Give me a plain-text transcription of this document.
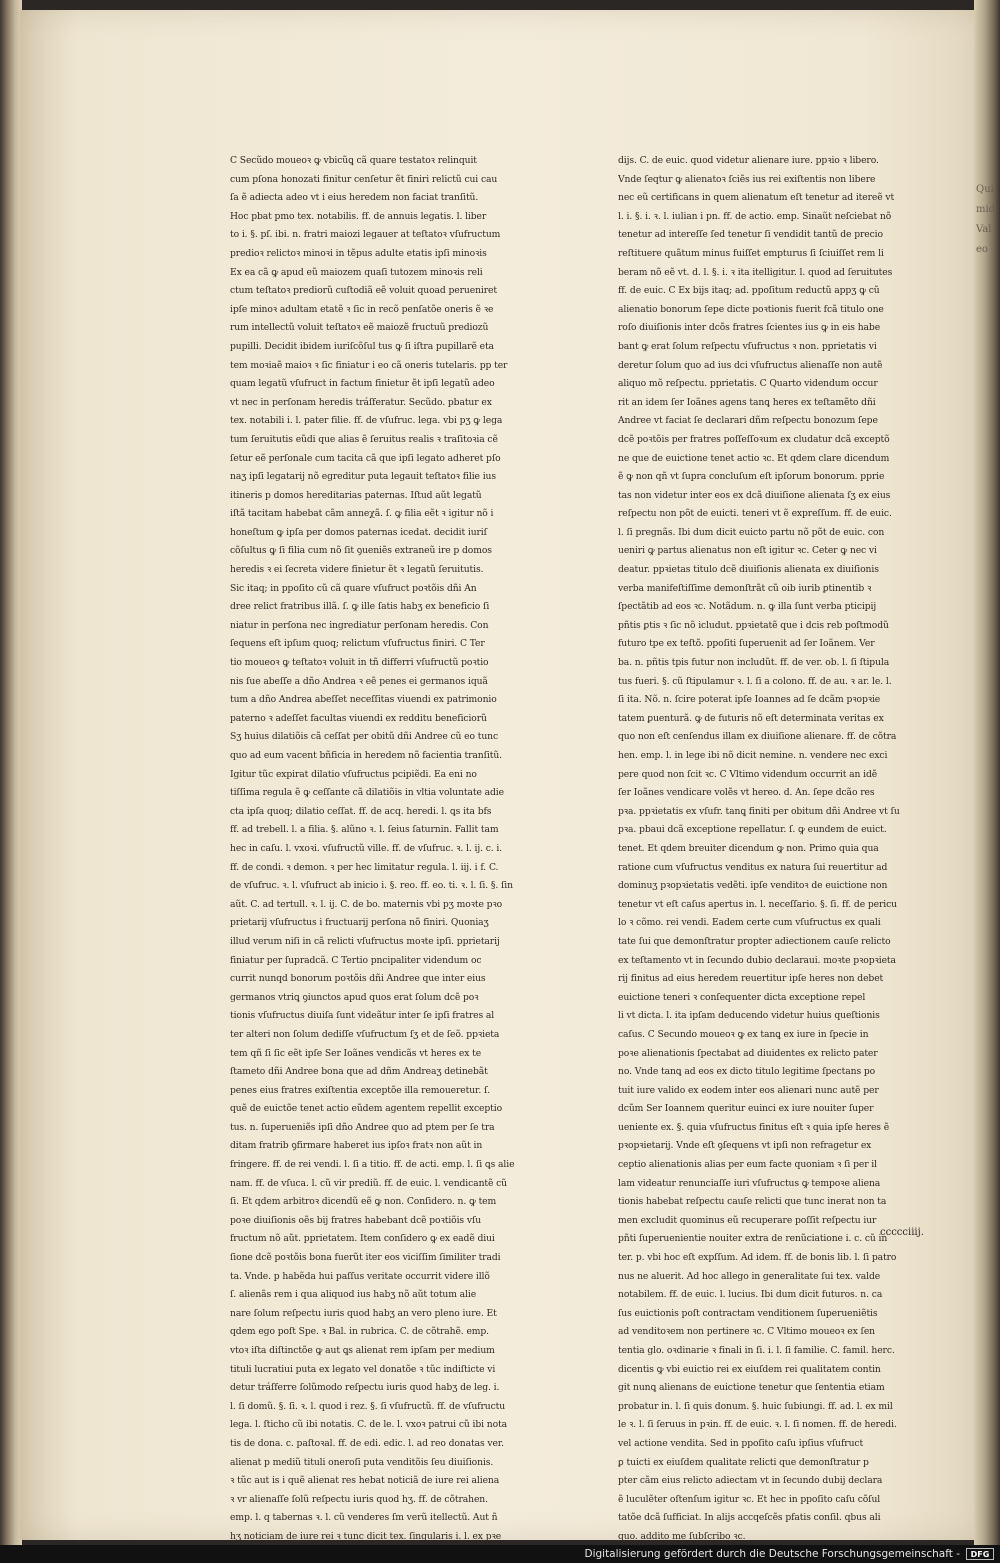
Qui mid Valeo
C Secũdo moueoꝛ ꝙ vbicũꝗ cã quare testatoꝛ relinquit
cum pſona honozati finitur cenſetur ẽt finiri relictũ cui cau
ſa ẽ adiecta adeo vt i eius heredem non faciat tranſitũ.
Hoc pbat pmo tex. notabilis. ff. de annuis legatis. l. liber
to i. §. pſ. ibi. n. fratri maiozi legauer at teſtatoꝛ vſufructum
predioꝛ relictoꝛ minoꝛi in tẽpus adulte etatis ipſi minoꝛis
Ex ea cã ꝙ apud eũ maiozem quaſi tutozem minoꝛis reli
ctum teſtatoꝛ prediorũ cuſtodiã eẽ voluit quoad perueniret
ipſe minoꝛ adultam etatẽ ꝛ ſic in recõ penſatõe oneris ẽ ꝛe
rum intellectũ voluit teſtatoꝛ eẽ maiozẽ fructuũ prediozũ
pupilli. Decidit ibidem iuriſcõſul tus ꝙ ſi iſtra pupillarẽ eta
tem moꝛiaẽ maioꝛ ꝛ ſic finiatur i eo cã oneris tutelaris. pp ter
quam legatũ vſufruct in factum finietur ẽt ipſi legatũ adeo
vt nec in perſonam heredis tráſferatur. Secũdo. pbatur ex
tex. notabili i. l. pater filie. ff. de vſufruc. lega. vbi pʒ ꝙ lega
tum ſeruitutis eũdi que alias ẽ ſeruitus realis ꝛ traſitoꝛia cẽ
ſetur eẽ perſonale cum tacita cã que ipſi legato adheret pſo
naʒ ipſi legatarij nõ egreditur puta legauit teſtatoꝛ filie ius
itineris p domos hereditarias paternas. Iſtud aũt legatũ
iſtã tacitam habebat cãm anneχã. ſ. ꝙ filia eẽt ꝛ igitur nõ i
honeſtum ꝙ ipſa per domos paternas icedat. decidit iuriſ
cõſultus ꝙ ſi filia cum nõ ſit ꝯueniẽs extraneũ ire p domos
heredis ꝛ ei ſecreta videre finietur ẽt ꝛ legatũ ſeruitutis.
Sic itaq; in ppoſito cũ cã quare vſufruct poꝛtõis dñi An
dree relict fratribus illã. ſ. ꝙ ille ſatis habʒ ex beneficio ſi
niatur in perſona nec ingrediatur perſonam heredis. Con
ſequens eſt ipſum quoq; relictum vſufructus finiri. C Ter
tio moueoꝛ ꝙ teſtatoꝛ voluit in tñ differri vſufructũ poꝛtio
nis ſue abeſſe a dño Andrea ꝛ eẽ penes ei germanos iquã
tum a dño Andrea abeſſet neceſſitas viuendi ex patrimonio
paterno ꝛ adeſſet facultas viuendi ex redditu beneficiorũ
Sʒ huius dilatiõis cã ceſſat per obitũ dñi Andree cũ eo tunc
quo ad eum vacent bñficia in heredem nõ facientia tranſitũ.
Igitur tũc expirat dilatio vſufructus pcipiẽdi. Ea eni no
tiſſima regula ẽ ꝙ ceſſante cã dilatiõis in vltia voluntate adie
cta ipſa quoq; dilatio ceſſat. ff. de acq. heredi. l. ꝗs ita bfs
ff. ad trebell. l. a filia. §. alũno ꝛ. l. ſeius ſaturnin. Fallit tam
hec in caſu. l. vxoꝛi. vſufructũ ville. ff. de vſufruc. ꝛ. l. ij. c. i.
ff. de condi. ꝛ demon. ꝛ per hec limitatur regula. l. iij. i f. C.
de vſufruc. ꝛ. l. vſufruct ab inicio i. §. reo. ff. eo. ti. ꝛ. l. ſi. §. ſin
aũt. C. ad tertull. ꝛ. l. ij. C. de bo. maternis vbi pʒ moꝛte pꝛo
prietarij vſufructus i fructuarij perſona nõ finiri. Quoniaʒ
illud verum niſi in cã relicti vſufructus moꝛte ipſi. pprietarij
finiatur per ſupradcã. C Tertio pncipaliter videndum oc
currit nunqd bonorum poꝛtõis dñi Andree que inter eius
germanos vtriꝗ ꝯiunctos apud quos erat ſolum dcẽ poꝛ
tionis vſufructus diuiſa ſunt videãtur inter ſe ipſi fratres al
ter alteri non ſolum dediſſe vſufructum ſʒ et de ſeõ. ppꝛieta
tem qñ ſi ſic eẽt ipſe Ser Ioãnes vendicãs vt heres ex te
ſtameto dñi Andree bona que ad dñm Andreaʒ detinebãt
penes eius fratres exiſtentia exceptõe illa remoueretur. ſ.
quẽ de euictõe tenet actio eũdem agentem repellit exceptio
tus. n. ſuperueniẽs ipſi dño Andree quo ad ptem per ſe tra
ditam fratrib ꝯfirmare haberet ius ipſoꝛ fratꝛ non aũt in
fringere. ff. de rei vendi. l. ſi a titio. ff. de acti. emp. l. ſi ꝗs alie
nam. ff. de vſuca. l. cũ vir prediũ. ff. de euic. l. vendicantẽ cũ
ſi. Et qdem arbitroꝛ dicendũ eẽ ꝙ non. Conſidero. n. ꝙ tem
poꝛe diuiſionis oẽs bij fratres habebant dcẽ poꝛtiõis vſu
fructum nõ aũt. pprietatem. Item conſidero ꝙ ex eadẽ diui
ſione dcẽ poꝛtõis bona fuerũt iter eos viciſſim ſimiliter tradi
ta. Vnde. p habẽda hui paſſus veritate occurrit videre illõ
ſ. alienãs rem i qua aliquod ius habʒ nõ aũt totum alie
nare ſolum reſpectu iuris quod habʒ an vero pleno iure. Et
qdem ego poſt Spe. ꝛ Bal. in rubrica. C. de cõtrahẽ. emp.
vtoꝛ iſta diſtinctõe ꝙ aut ꝗs alienat rem ipſam per medium
tituli lucratiui puta ex legato vel donatõe ꝛ tũc indiſticte vi
detur tráſferre ſolũmodo reſpectu iuris quod habʒ de leg. i.
l. ſi domũ. §. ſi. ꝛ. l. quod i rez. §. ſi vſufructũ. ff. de vſufructu
lega. l. ſticho cũ ibi notatis. C. de le. l. vxoꝛ patrui cũ ibi nota
tis de dona. c. paſtoꝛal. ff. de edi. edic. l. ad reo donatas ver.
alienat p mediũ tituli oneroſi puta venditõis ſeu diuiſionis.
ꝛ tũc aut is i quẽ alienat res hebat noticiã de iure rei aliena
ꝛ vr alienaſſe ſolũ reſpectu iuris quod hʒ. ff. de cõtrahen.
emp. l. q tabernas ꝛ. l. cũ venderes ſm verũ itellectũ. Aut ñ
hʒ noticiam de iure rei ꝛ tunc dicit tex. ſingularis i. l. ex pꝛe
dijs. C. de euic. quod videtur alienare iure. ppꝛio ꝛ libero.
Vnde ſeqtur ꝙ alienatoꝛ ſciẽs ius rei exiſtentis non libere
nec eũ certificans in quem alienatum eſt tenetur ad itereẽ vt
l. i. §. i. ꝛ. l. iulian i pn. ff. de actio. emp. Sinaũt neſciebat nõ
tenetur ad intereſſe ſed tenetur ſi vendidit tantũ de precio
reſtituere quãtum minus fuiſſet empturus ſi ſciuiſſet rem li
beram nõ eẽ vt. d. l. §. i. ꝛ ita itelligitur. l. quod ad ſeruitutes
ff. de euic. C Ex bijs itaq; ad. ppoſitum reductũ appʒ ꝙ cũ
alienatio bonorum ſepe dicte poꝛtionis fuerit fcã titulo one
roſo diuiſionis inter dcõs fratres ſcientes ius ꝙ in eis habe
bant ꝙ erat ſolum reſpectu vſufructus ꝛ non. pprietatis vi
deretur ſolum quo ad ius dci vſufructus alienaſſe non autẽ
aliquo mõ reſpectu. pprietatis. C Quarto videndum occur
rit an idem ſer Ioãnes agens tanꝗ heres ex teſtamẽto dñi
Andree vt faciat ſe declarari dñm reſpectu bonozum ſepe
dcẽ poꝛtõis per fratres poſſeſſoꝛum ex cludatur dcã exceptõ
ne que de euictione tenet actio ꝛc. Et qdem clare dicendum
ẽ ꝙ non qñ vt ſupra concluſum eſt ipſorum bonorum. pprie
tas non videtur inter eos ex dcã diuiſione alienata ſʒ ex eius
reſpectu non põt de euicti. teneri vt ẽ expreſſum. ff. de euic.
l. ſi pregnãs. Ibi dum dicit euicto partu nõ põt de euic. con
ueniri ꝙ partus alienatus non eſt igitur ꝛc. Ceter ꝙ nec vi
deatur. ppꝛietas titulo dcẽ diuiſionis alienata ex diuiſionis
verba manifeſtiſſime demonſtrãt cũ oib iurib ꝑtinentib ꝛ
ſpectãtib ad eos ꝛc. Notãdum. n. ꝙ illa ſunt verba pticipij
pñtis ꝑtis ꝛ ſic nõ icludut. ppꝛietatẽ que i dcis reb poſtmodũ
futuro tpe ex teſtõ. ppoſiti ſuperuenit ad ſer Ioãnem. Ver
ba. n. pñtis tpis futur non includũt. ff. de ver. ob. l. ſi ſtipula
tus fueri. §. cũ ſtipulamur ꝛ. l. ſi a colono. ff. de au. ꝛ ar. le. l.
ſi ita. Nõ. n. ſcire poterat ipſe Ioannes ad ſe dcãm pꝛopꝛie
tatem ꝑuenturã. ꝙ de futuris nõ eſt determinata veritas ex
quo non eſt cenſendus illam ex diuiſione alienare. ff. de cõtra
hen. emp. l. in lege ibi nõ dicit nemine. n. vendere nec exci
pere quod non ſcit ꝛc. C Vltimo videndum occurrit an idẽ
ſer Ioãnes vendicare volẽs vt hereo. d. An. ſepe dcão res
pꝛa. ppꝛietatis ex vſufr. tanꝗ finiti per obitum dñi Andree vt ſu
pꝛa. pbaui dcã exceptione repellatur. ſ. ꝙ eundem de euict.
tenet. Et qdem breuiter dicendum ꝙ non. Primo quia qua
ratione cum vſufructus venditus ex natura ſui reuertitur ad
dominuʒ pꝛopꝛietatis vedẽti. ipſe venditoꝛ de euictione non
tenetur vt eſt caſus apertus in. l. neceſſario. §. ſi. ff. de pericu
lo ꝛ cõmo. rei vendi. Eadem certe cum vſufructus ex quali
tate ſui que demonſtratur propter adiectionem cauſe relicto
ex teſtamento vt in ſecundo dubio declaraui. moꝛte pꝛopꝛieta
rij finitus ad eius heredem reuertitur ipſe heres non debet
euictione teneri ꝛ conſequenter dicta exceptione repel
li vt dicta. l. ita ipſam deducendo videtur huius queſtionis
caſus. C Secundo moueoꝛ ꝙ ex tanꝗ ex iure in ſpecie in
poꝛe alienationis ſpectabat ad diuidentes ex relicto pater
no. Vnde tanꝗ ad eos ex dicto titulo legitime ſpectans po
tuit iure valido ex eodem inter eos alienari nunc autẽ per
dcũm Ser Ioannem queritur euinci ex iure nouiter ſuper
ueniente ex. §. quia vſufructus finitus eſt ꝛ quia ipſe heres ẽ
pꝛopꝛietarij. Vnde eſt ꝯſequens vt ipſi non refragetur ex
ceptio alienationis alias per eum facte quoniam ꝛ ſi per il
lam videatur renunciaſſe iuri vſufructus ꝙ tempoꝛe aliena
tionis habebat reſpectu cauſe relicti que tunc inerat non ta
men excludit quominus eũ recuperare poſſit reſpectu iur
pñti ſuperuenientie nouiter extra de renũciatione i. c. cũ in
ter. p. vbi hoc eſt expſſum. Ad idem. ff. de bonis lib. l. ſi patro
nus ne aluerit. Ad hoc allego in generalitate ſui tex. valde
notabilem. ff. de euic. l. lucius. Ibi dum dicit futuros. n. ca
ſus euictionis poſt contractam venditionem ſuperueniẽtis
ad venditoꝛem non pertinere ꝛc. C Vltimo moueoꝛ ex ſen
tentia glo. oꝛdinarie ꝛ finali in ſi. i. l. ſi familie. C. famil. herc.
dicentis ꝙ vbi euictio rei ex eiuſdem rei qualitatem contin
git nunꝗ alienans de euictione tenetur que ſententia etiam
probatur in. l. ſi quis donum. §. huic ſubiungi. ff. ad. l. ex mil
le ꝛ. l. ſi ſeruus in pꝛin. ff. de euic. ꝛ. l. ſi nomen. ff. de heredi.
vel actione vendita. Sed in ppoſito caſu ipſius vſufruct
ꝑ tuicti ex eiuſdem qualitate relicti que demonſtratur p
pter cãm eius relicto adiectam vt in ſecundo dubij declara
ẽ luculẽter oſtenſum igitur ꝛc. Et hec in ppoſito caſu cõſul
tatõe dcã ſufficiat. In alijs accqeſcẽs pfatis conſil. qbus ali
quo. addito me ſubſcribo ꝛc.
ccccciiij.
Digitalisierung gefördert durch die Deutsche Forschungsgemeinschaft -	DFG
